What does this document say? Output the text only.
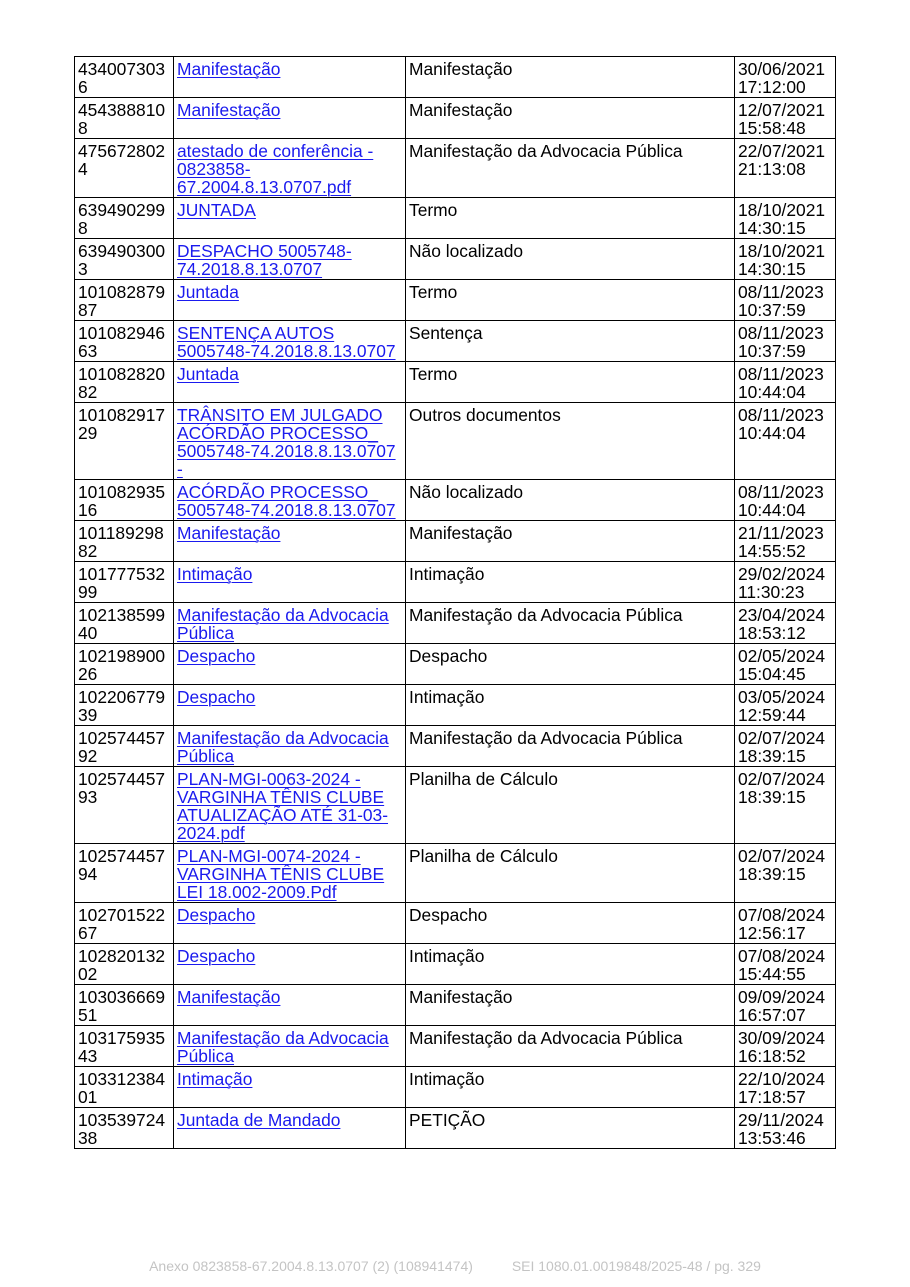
4340073036	Manifestação	Manifestação	30/06/2021
17:12:00

4543888108	Manifestação	Manifestação	12/07/2021
15:58:48

4756728024	atestado de conferência - 0823858-67.2004.8.13.0707.pdf	Manifestação da Advocacia Pública	22/07/2021
21:13:08

6394902998	JUNTADA	Termo	18/10/2021
14:30:15

6394903003	DESPACHO 5005748-74.2018.8.13.0707	Não localizado	18/10/2021
14:30:15

10108287987	Juntada	Termo	08/11/2023
10:37:59

10108294663	SENTENÇA AUTOS 5005748-74.2018.8.13.0707	Sentença	08/11/2023
10:37:59

10108282082	Juntada	Termo	08/11/2023
10:44:04

10108291729	TRÂNSITO EM JULGADO ACÓRDÃO PROCESSO_ 5005748-74.2018.8.13.0707 -	Outros documentos	08/11/2023
10:44:04

10108293516	ACÓRDÃO PROCESSO_ 5005748-74.2018.8.13.0707	Não localizado	08/11/2023
10:44:04

10118929882	Manifestação	Manifestação	21/11/2023
14:55:52

10177753299	Intimação	Intimação	29/02/2024
11:30:23

10213859940	Manifestação da Advocacia Pública	Manifestação da Advocacia Pública	23/04/2024
18:53:12

10219890026	Despacho	Despacho	02/05/2024
15:04:45

10220677939	Despacho	Intimação	03/05/2024
12:59:44

10257445792	Manifestação da Advocacia Pública	Manifestação da Advocacia Pública	02/07/2024
18:39:15

10257445793	PLAN-MGI-0063-2024 - VARGINHA TÊNIS CLUBE ATUALIZAÇÃO ATÉ 31-03-2024.pdf	Planilha de Cálculo	02/07/2024
18:39:15

10257445794	PLAN-MGI-0074-2024 - VARGINHA TÊNIS CLUBE LEI 18.002-2009.Pdf	Planilha de Cálculo	02/07/2024
18:39:15

10270152267	Despacho	Despacho	07/08/2024
12:56:17

10282013202	Despacho	Intimação	07/08/2024
15:44:55

10303666951	Manifestação	Manifestação	09/09/2024
16:57:07

10317593543	Manifestação da Advocacia Pública	Manifestação da Advocacia Pública	30/09/2024
16:18:52

10331238401	Intimação	Intimação	22/10/2024
17:18:57

10353972438	Juntada de Mandado	PETIÇÃO	29/11/2024
13:53:46
Anexo 0823858-67.2004.8.13.0707 (2) (108941474)	SEI 1080.01.0019848/2025-48 / pg. 329
